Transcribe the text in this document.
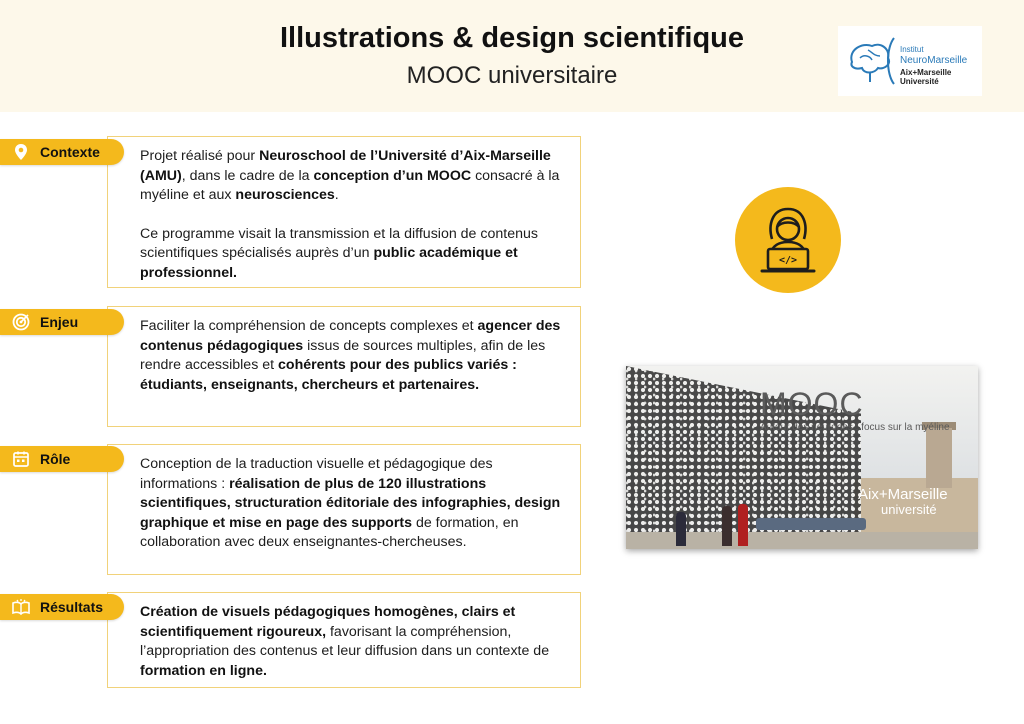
Illustrations & design scientifique
MOOC universitaire
Institut
NeuroMarseille
Aix+Marseille Université

Projet réalisé pour Neuroschool de l’Université d’Aix-Marseille (AMU), dans le cadre de la conception d’un MOOC consacré à la myéline et aux neurosciences.

Ce programme visait la transmission et la diffusion de contenus scientifiques spécialisés auprès d’un public académique et professionnel.

Contexte

Faciliter la compréhension de concepts complexes et agencer des contenus pédagogiques issus de sources multiples, afin de les rendre accessibles et cohérents pour des publics variés : étudiants, enseignants, chercheurs et partenaires.

Enjeu

Conception de la traduction visuelle et pédagogique des informations : réalisation de plus de 120 illustrations scientifiques, structuration éditoriale des infographies, design graphique et mise en page des supports de formation, en collaboration avec deux enseignantes-chercheuses.

Rôle

Création de visuels pédagogiques homogènes, clairs et scientifiquement rigoureux, favorisant la compréhension, l’appropriation des contenus et leur diffusion dans un contexte de formation en ligne.

Résultats
</>
MOOC
Autour des neurones : focus sur la myéline
Aix+Marseille
université
